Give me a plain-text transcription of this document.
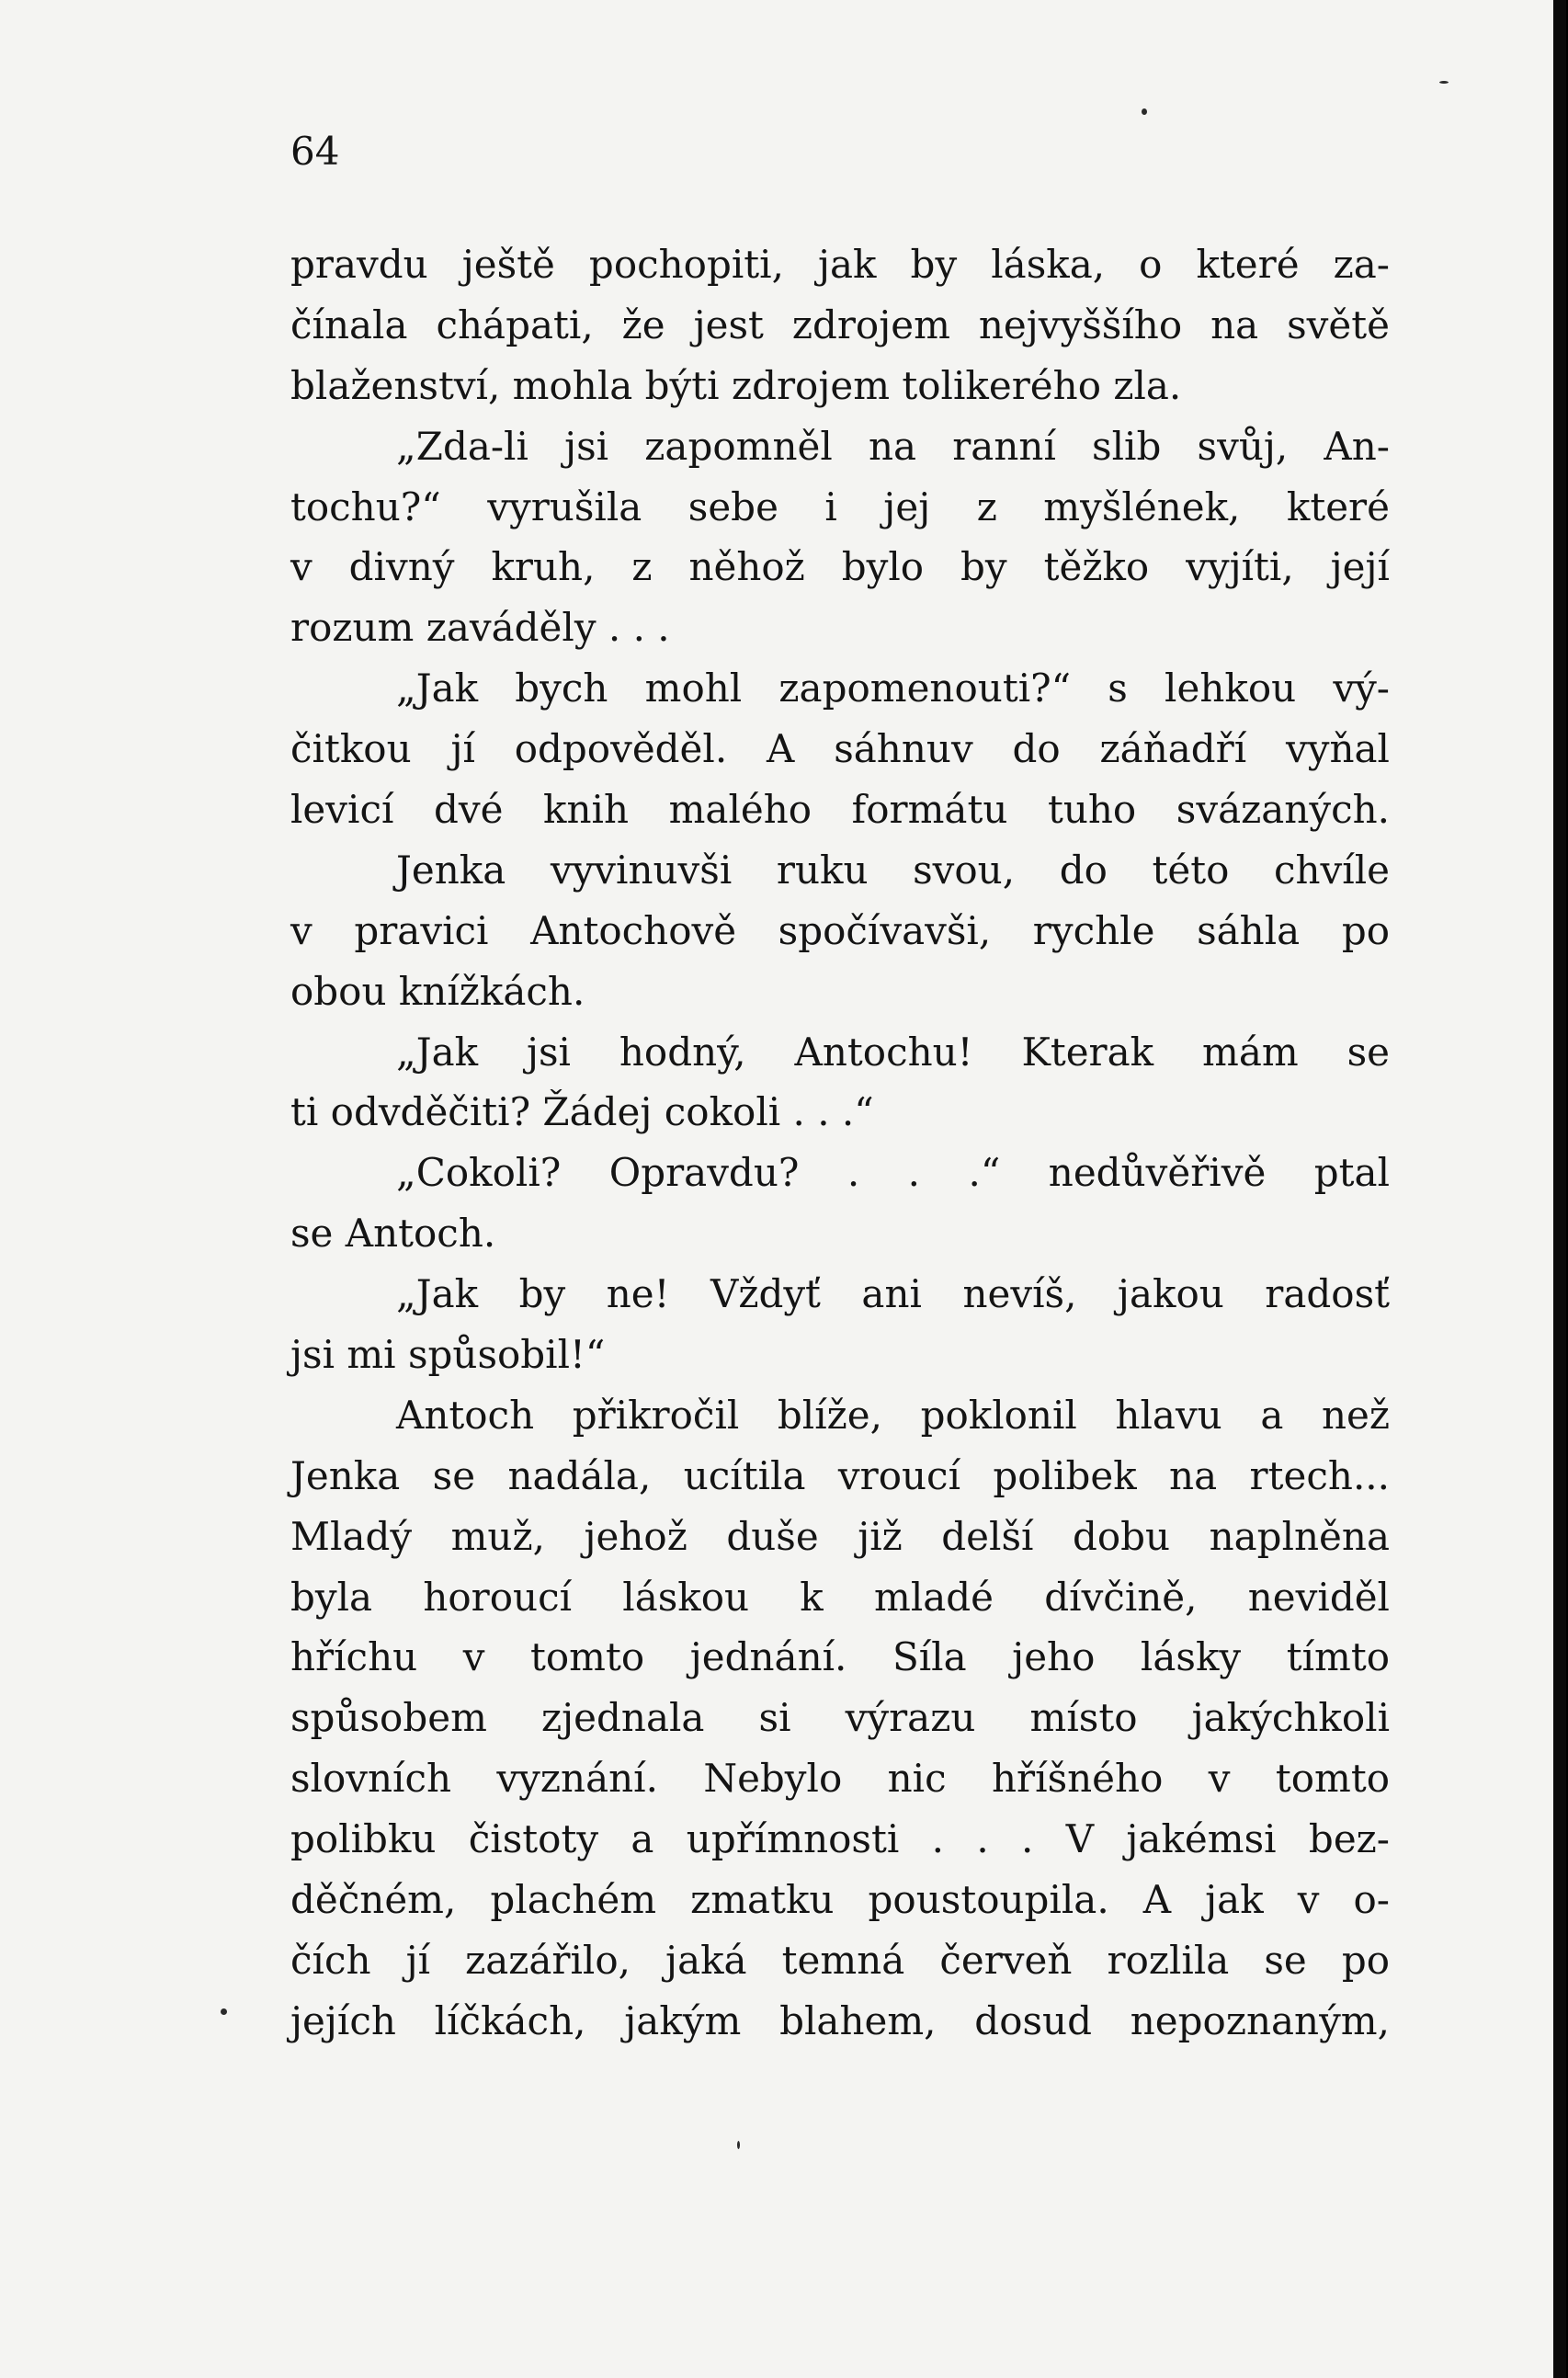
64

pravdu ještě pochopiti, jak by láska, o které za-
čínala chápati, že jest zdrojem nejvyššího na světě
blaženství, mohla býti zdrojem tolikerého zla.
„Zda-li jsi zapomněl na ranní slib svůj, An-
tochu?“ vyrušila sebe i jej z myšlének, které
v divný kruh, z něhož bylo by těžko vyjíti, její
rozum zaváděly . . .
„Jak bych mohl zapomenouti?“ s lehkou vý-
čitkou jí odpověděl. A sáhnuv do záňadří vyňal
levicí dvé knih malého formátu tuho svázaných.
Jenka vyvinuvši ruku svou, do této chvíle
v pravici Antochově spočívavši, rychle sáhla po
obou knížkách.
„Jak jsi hodný, Antochu! Kterak mám se
ti odvděčiti? Žádej cokoli . . .“
„Cokoli? Opravdu? . . .“ nedůvěřivě ptal
se Antoch.
„Jak by ne! Vždyť ani nevíš, jakou radosť
jsi mi spůsobil!“
Antoch přikročil blíže, poklonil hlavu a než
Jenka se nadála, ucítila vroucí polibek na rtech...
Mladý muž, jehož duše již delší dobu naplněna
byla horoucí láskou k mladé dívčině, neviděl
hříchu v tomto jednání. Síla jeho lásky tímto
spůsobem zjednala si výrazu místo jakýchkoli
slovních vyznání. Nebylo nic hříšného v tomto
polibku čistoty a upřímnosti . . . V jakémsi bez-
děčném, plachém zmatku poustoupila. A jak v o-
čích jí zazářilo, jaká temná červeň rozlila se po
jejích líčkách, jakým blahem, dosud nepoznaným,
